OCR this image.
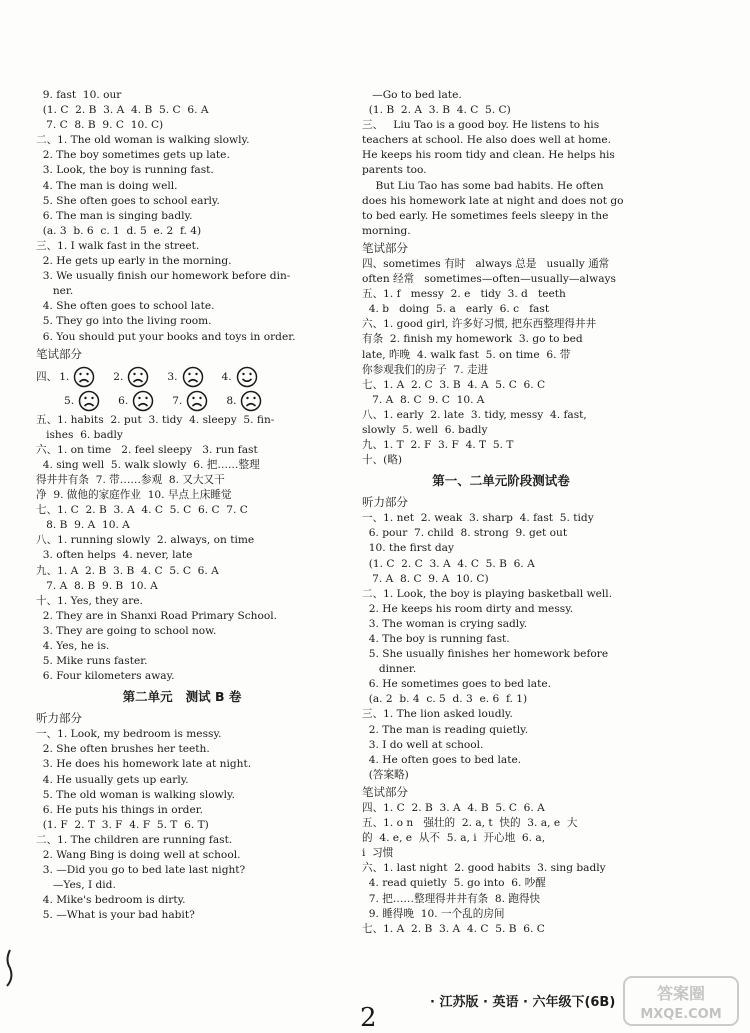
9. fast  10. our
(1. C  2. B  3. A  4. B  5. C  6. A
7. C  8. B  9. C  10. C)
二、1. The old woman is walking slowly.
2. The boy sometimes gets up late.
3. Look, the boy is running fast.
4. The man is doing well.
5. She often goes to school early.
6. The man is singing badly.
(a. 3  b. 6  c. 1  d. 5  e. 2  f. 4)
三、1. I walk fast in the street.
2. He gets up early in the morning.
3. We usually finish our homework before din-
ner.
4. She often goes to school late.
5. They go into the living room.
6. You should put your books and toys in order.
笔试部分
四、 1.	2.	3.	4.
5.	6.	7.	8.
五、1. habits  2. put  3. tidy  4. sleepy  5. fin-
ishes  6. badly
六、1. on time   2. feel sleepy   3. run fast
4. sing well  5. walk slowly  6. 把……整理
得井井有条  7. 带……参观  8. 又大又干
净  9. 做他的家庭作业  10. 早点上床睡觉
七、1. C  2. B  3. A  4. C  5. C  6. C  7. C
8. B  9. A  10. A
八、1. running slowly  2. always, on time
3. often helps  4. never, late
九、1. A  2. B  3. B  4. C  5. C  6. A
7. A  8. B  9. B  10. A
十、1. Yes, they are.
2. They are in Shanxi Road Primary School.
3. They are going to school now.
4. Yes, he is.
5. Mike runs faster.
6. Four kilometers away.
第二单元   测试 B 卷
听力部分
一、1. Look, my bedroom is messy.
2. She often brushes her teeth.
3. He does his homework late at night.
4. He usually gets up early.
5. The old woman is walking slowly.
6. He puts his things in order.
(1. F  2. T  3. F  4. F  5. T  6. T)
二、1. The children are running fast.
2. Wang Bing is doing well at school.
3. —Did you go to bed late last night?
—Yes, I did.
4. Mike's bedroom is dirty.
5. —What is your bad habit?
—Go to bed late.
(1. B  2. A  3. B  4. C  5. C)
三、   Liu Tao is a good boy. He listens to his
teachers at school. He also does well at home.
He keeps his room tidy and clean. He helps his
parents too.
But Liu Tao has some bad habits. He often
does his homework late at night and does not go
to bed early. He sometimes feels sleepy in the
morning.
笔试部分
四、sometimes 有时   always 总是   usually 通常
often 经常   sometimes—often—usually—always
五、1. f   messy  2. e   tidy  3. d   teeth
4. b   doing  5. a   early  6. c   fast
六、1. good girl, 许多好习惯, 把东西整理得井井
有条  2. finish my homework  3. go to bed
late, 昨晚  4. walk fast  5. on time  6. 带
你参观我们的房子  7. 走进
七、1. A  2. C  3. B  4. A  5. C  6. C
7. A  8. C  9. C  10. A
八、1. early  2. late  3. tidy, messy  4. fast,
slowly  5. well  6. badly
九、1. T  2. F  3. F  4. T  5. T
十、(略)
第一、二单元阶段测试卷
听力部分
一、1. net  2. weak  3. sharp  4. fast  5. tidy
6. pour  7. child  8. strong  9. get out
10. the first day
(1. C  2. C  3. A  4. C  5. B  6. A
7. A  8. C  9. A  10. C)
二、1. Look, the boy is playing basketball well.
2. He keeps his room dirty and messy.
3. The woman is crying sadly.
4. The boy is running fast.
5. She usually finishes her homework before
dinner.
6. He sometimes goes to bed late.
(a. 2  b. 4  c. 5  d. 3  e. 6  f. 1)
三、1. The lion asked loudly.
2. The man is reading quietly.
3. I do well at school.
4. He often goes to bed late.
(答案略)
笔试部分
四、1. C  2. B  3. A  4. B  5. C  6. A
五、1. o n   强壮的  2. a, t  快的  3. a, e  大
的  4. e, e  从不  5. a, i  开心地  6. a,
i  习惯
六、1. last night  2. good habits  3. sing badly
4. read quietly  5. go into  6. 吵醒
7. 把……整理得井井有条  8. 跑得快
9. 睡得晚  10. 一个乱的房间
七、1. A  2. B  3. A  4. C  5. B  6. C
· 江苏版 · 英语 · 六年级下(6B)
2
答案圈
MXQE.COM
